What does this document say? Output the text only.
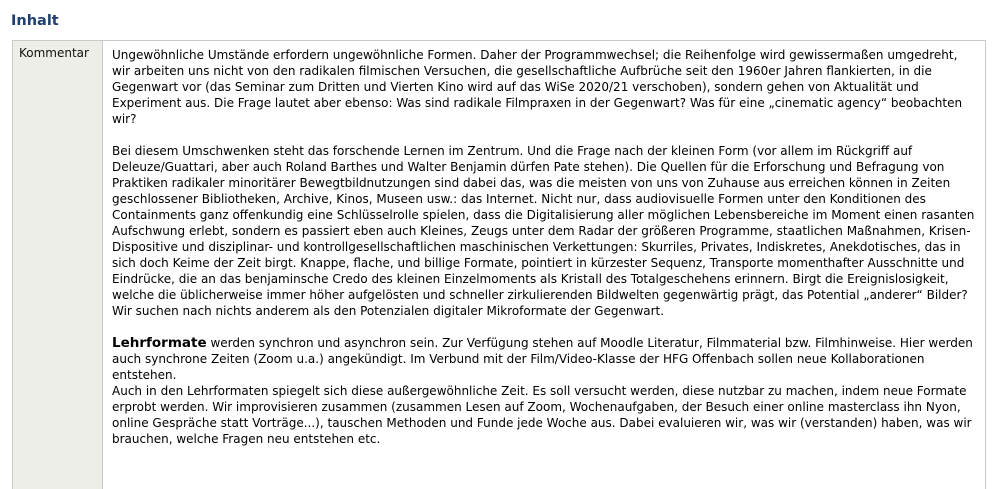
Inhalt
Kommentar	Ungewöhnliche Umstände erfordern ungewöhnliche Formen. Daher der Programmwechsel; die Reihenfolge wird gewissermaßen umgedreht, wir arbeiten uns nicht von den radikalen filmischen Versuchen, die gesellschaftliche Aufbrüche seit den 1960er Jahren flankierten, in die Gegenwart vor (das Seminar zum Dritten und Vierten Kino wird auf das WiSe 2020/21 verschoben), sondern gehen von Aktualität und Experiment aus. Die Frage lautet aber ebenso: Was sind radikale Filmpraxen in der Gegenwart? Was für eine „cinematic agency“ beobachten wir?

Bei diesem Umschwenken steht das forschende Lernen im Zentrum. Und die Frage nach der kleinen Form (vor allem im Rückgriff auf Deleuze/Guattari, aber auch Roland Barthes und Walter Benjamin dürfen Pate stehen). Die Quellen für die Erforschung und Befragung von Praktiken radikaler minoritärer Bewegtbildnutzungen sind dabei das, was die meisten von uns von Zuhause aus erreichen können in Zeiten geschlossener Bibliotheken, Archive, Kinos, Museen usw.: das Internet. Nicht nur, dass audiovisuelle Formen unter den Konditionen des Containments ganz offenkundig eine Schlüsselrolle spielen, dass die Digitalisierung aller möglichen Lebensbereiche im Moment einen rasanten Aufschwung erlebt, sondern es passiert eben auch Kleines, Zeugs unter dem Radar der größeren Programme, staatlichen Maßnahmen, Krisen-Dispositive und disziplinar- und kontrollgesellschaftlichen maschinischen Verkettungen: Skurriles, Privates, Indiskretes, Anekdotisches, das in sich doch Keime der Zeit birgt. Knappe, flache, und billige Formate, pointiert in kürzester Sequenz, Transporte momenthafter Ausschnitte und Eindrücke, die an das benjaminsche Credo des kleinen Einzelmoments als Kristall des Totalgeschehens erinnern. Birgt die Ereignislosigkeit, welche die üblicherweise immer höher aufgelösten und schneller zirkulierenden Bildwelten gegenwärtig prägt, das Potential „anderer“ Bilder? Wir suchen nach nichts anderem als den Potenzialen digitaler Mikroformate der Gegenwart.

Lehrformate werden synchron und asynchron sein. Zur Verfügung stehen auf Moodle Literatur, Filmmaterial bzw. Filmhinweise. Hier werden auch synchrone Zeiten (Zoom u.a.) angekündigt. Im Verbund mit der Film/Video-Klasse der HFG Offenbach sollen neue Kollaborationen entstehen.

Auch in den Lehrformaten spiegelt sich diese außergewöhnliche Zeit. Es soll versucht werden, diese nutzbar zu machen, indem neue Formate erprobt werden. Wir improvisieren zusammen (zusammen Lesen auf Zoom, Wochenaufgaben, der Besuch einer online masterclass ihn Nyon, online Gespräche statt Vorträge...), tauschen Methoden und Funde jede Woche aus. Dabei evaluieren wir, was wir (verstanden) haben, was wir brauchen, welche Fragen neu entstehen etc.
